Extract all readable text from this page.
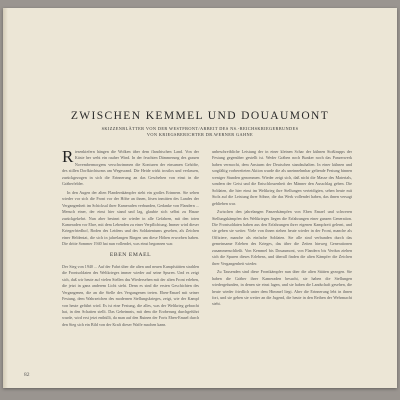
ZWISCHEN KEMMEL UND DOUAUMONT
SKIZZENBLÄTTER VON DER WESTFRONT/ARBEIT DES NS.-REICHSKRIEGERBUNDES
VON KRIEGSBERICHTER DR.WERNER GAHNE

Riesenkiefern hängen die Wolken über dem flandrischen Land. Von der Küste her weht ein rauher Wind. In der feuchten Dämmerung des grauen Novembermorgens verschwimmen die Konturen der einsamen Gehöfte, des stillen Dorfkirchturms am Wegesrand. Die Heide wirkt trostlos und verlassen, zurückgezogen in sich die Erinnerung an das Geschehen von einst in die Gräberfelder.

In den Augen der alten Flandernkämpfer steht ein großes Erinnern. Sie sehen wieder vor sich die Front vor der Höhe an ihnen, lösen inmitten des Landes der Vergangenheit im Schicksal ihrer Kameraden verbunden, Gedanke von Flandern ... Mensch einer, der einst hier stand und lag, glaubte sich selbst zu Hause zurückgekehrt. Nun aber besinnt sie wieder in alle Gefahren, mit den toten Kameraden vor Ehre, mit dem Lebenden zu einer Verpflichtung. Immer wird dieser Kriegerfriedhof, Boden des Leidens und des Soldatentums gesehen, als Zeichen einer Heldentat, die sich in jahrelangen Ringen um diese Höhen erworben haben. Die dritte Sommer 1940 hat nun vollendet, was einst begonnen war.

EBEN EMAEL

Der Sieg von 1940 ... Auf der Fahrt über die alten und neuen Kampfstätten strahlen die Frontsoldaten des Weltkrieges immer wieder auf seine Spuren. Und es zeigt sich, daß wir heute auf vielen Stellen das Wiedersehen mit der alten Front erleben, die jetzt in ganz anderem Licht steht. Denn es sind die ersten Geschichten des Vergangenen, die an die Stelle des Vergangenen treten. Eben-Emael mit seiner Festung, dem Wahrzeichen des modernen Stellungskrieges, zeigt, wie der Kampf von heute geführt wird. Es ist eine Festung, die alles, was der Weltkrieg gebracht hat, in den Schatten stellt. Das Geheimnis, mit dem die Eroberung durchgeführt wurde, wird erst jetzt enthüllt, da man auf den Ruinen der Forts Eben-Emael durch den Sieg sich ein Bild von der Kraft dieser Waffe machen kann.

unbeschreibliche Leistung der in einer kleinen Schar der kühnen Stoßtrupps der Festung gegenüber gestellt ist. Weder Gräben noch Bunker noch das Panzerwerk haben vermocht, dem Ansturm der Deutschen standzuhalten. In einer kühnen und sorgfältig vorbereiteten Aktion wurde die als uneinnehmbar geltende Festung binnen weniger Stunden genommen. Wieder zeigt sich, daß nicht die Masse des Materials, sondern der Geist und die Entschlossenheit der Männer den Ausschlag geben. Die Soldaten, die hier einst im Weltkrieg ihre Stellungen verteidigten, sehen heute mit Stolz auf die Leistung ihrer Söhne, die das Werk vollendet haben, das ihnen versagt geblieben war.

Zwischen den jahrelangen Panzerkämpfen von Eben Emael und schweren Stellungskämpfen des Weltkrieges liegen die Erfahrungen einer ganzen Generation. Die Frontsoldaten haben aus den Erfahrungen ihrer eigenen Kampfzeit gelernt, und sie geben sie weiter. Viele von ihnen stehen heute wieder in der Front, manche als Offiziere, manche als einfache Soldaten. Sie alle sind verbunden durch das gemeinsame Erleben des Krieges, das über die Zeiten hinweg Generationen zusammenschließt. Von Kemmel bis Douaumont, von Flandern bis Verdun ziehen sich die Spuren dieses Erlebens, und überall finden die alten Kämpfer die Zeichen ihrer Vergangenheit wieder.

Zu Tausenden sind diese Frontkämpfer nun über die alten Stätten gezogen. Sie haben die Gräber ihrer Kameraden besucht, sie haben die Stellungen wiedergefunden, in denen sie einst lagen, und sie haben die Landschaft gesehen, die heute wieder friedlich unter dem Himmel liegt. Aber die Erinnerung lebt in ihnen fort, und sie geben sie weiter an die Jugend, die heute in den Reihen der Wehrmacht steht.

82
